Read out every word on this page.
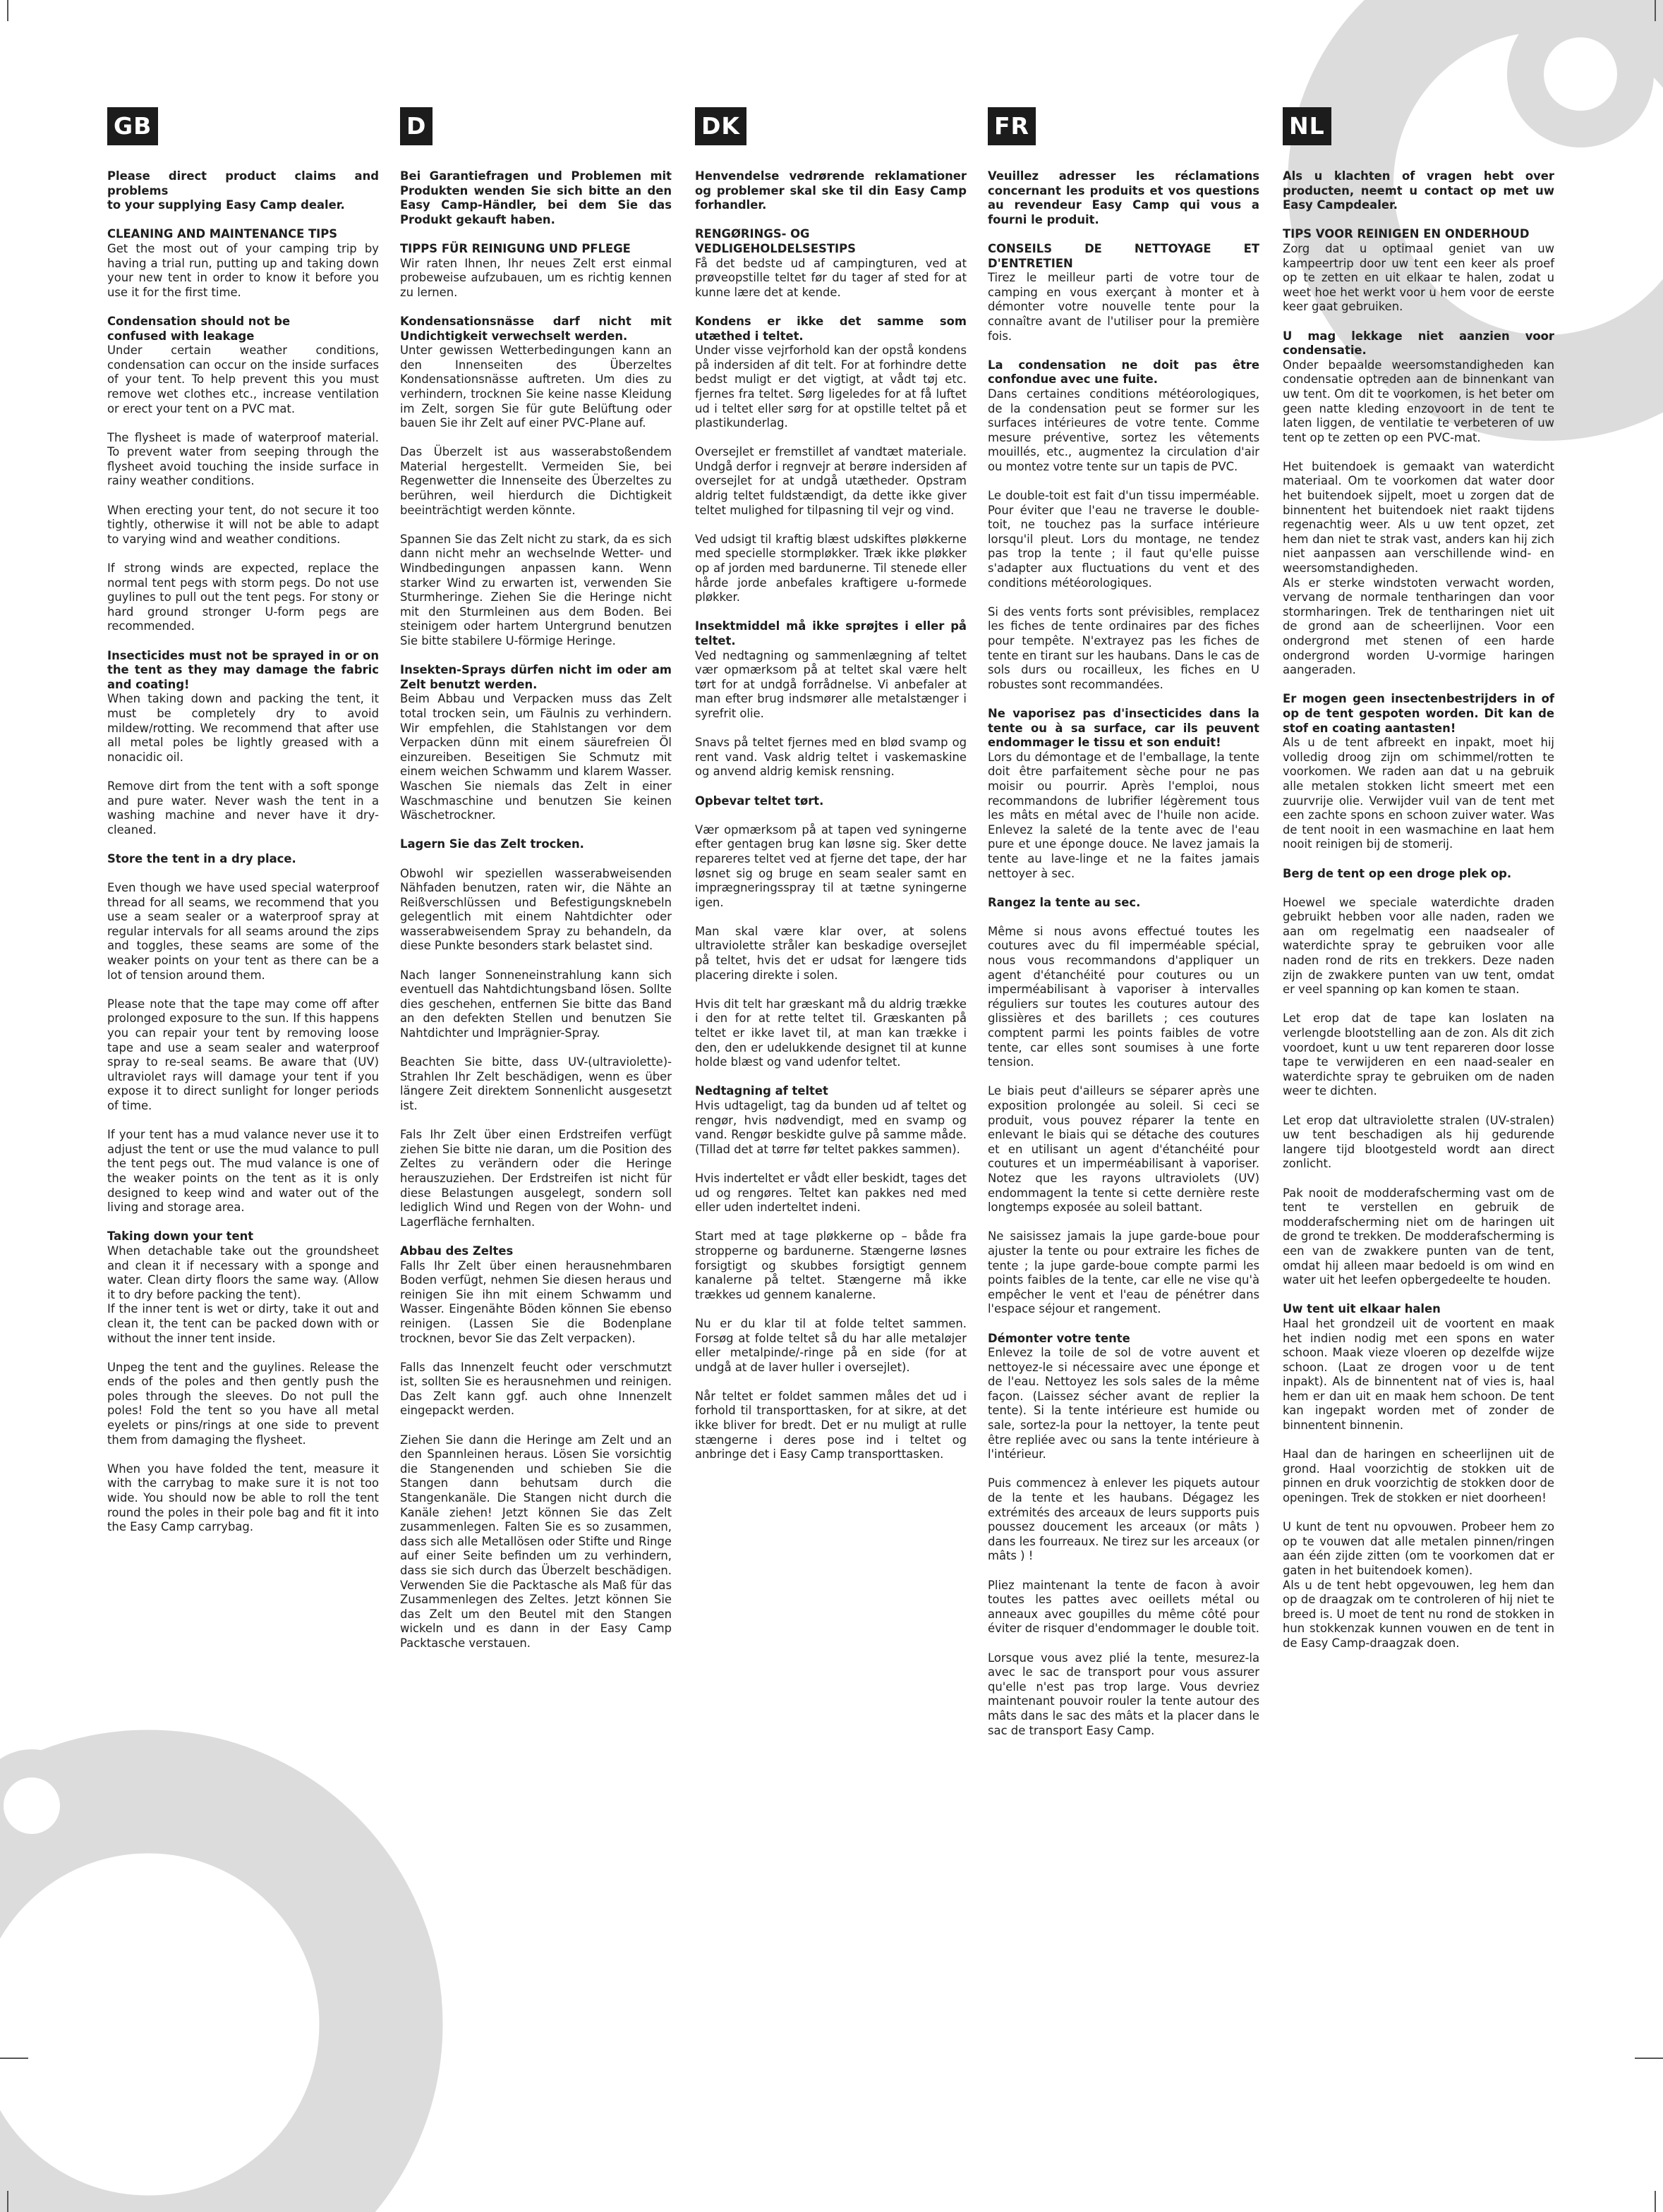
GB

Please direct product claims and problems
to your supplying Easy Camp dealer.

CLEANING AND MAINTENANCE TIPS

Get the most out of your camping trip by having a trial run, putting up and taking down your new tent in order to know it before you use it for the first time.

Condensation should not be
confused with leakage

Under certain weather conditions, condensation can occur on the inside surfaces of your tent. To help prevent this you must remove wet clothes etc., increase ventilation or erect your tent on a PVC mat.

The flysheet is made of waterproof material. To prevent water from seeping through the flysheet avoid touching the inside surface in rainy weather conditions.

When erecting your tent, do not secure it too tightly, otherwise it will not be able to adapt to varying wind and weather conditions.

If strong winds are expected, replace the normal tent pegs with storm pegs. Do not use guylines to pull out the tent pegs. For stony or hard ground stronger U-form pegs are recommended.

Insecticides must not be sprayed in or on the tent as they may damage the fabric and coating!

When taking down and packing the tent, it must be completely dry to avoid mildew/rotting. We recommend that after use all metal poles be lightly greased with a nonacidic oil.

Remove dirt from the tent with a soft sponge and pure water. Never wash the tent in a washing machine and never have it dry-cleaned.

Store the tent in a dry place.

Even though we have used special waterproof thread for all seams, we recommend that you use a seam sealer or a waterproof spray at regular intervals for all seams around the zips and toggles, these seams are some of the weaker points on your tent as there can be a lot of tension around them.

Please note that the tape may come off after prolonged exposure to the sun. If this happens you can repair your tent by removing loose tape and use a seam sealer and waterproof spray to re-seal seams. Be aware that (UV) ultraviolet rays will damage your tent if you expose it to direct sunlight for longer periods of time.

If your tent has a mud valance never use it to adjust the tent or use the mud valance to pull the tent pegs out. The mud valance is one of the weaker points on the tent as it is only designed to keep wind and water out of the living and storage area.

Taking down your tent

When detachable take out the groundsheet and clean it if necessary with a sponge and water. Clean dirty floors the same way. (Allow it to dry before packing the tent).
If the inner tent is wet or dirty, take it out and clean it, the tent can be packed down with or without the inner tent inside.

Unpeg the tent and the guylines. Release the ends of the poles and then gently push the poles through the sleeves. Do not pull the poles! Fold the tent so you have all metal eyelets or pins/rings at one side to prevent them from damaging the flysheet.

When you have folded the tent, measure it with the carrybag to make sure it is not too wide. You should now be able to roll the tent round the poles in their pole bag and fit it into the Easy Camp carrybag.

D

Bei Garantiefragen und Problemen mit Produkten wenden Sie sich bitte an den Easy Camp-Händler, bei dem Sie das Produkt gekauft haben.

TIPPS FÜR REINIGUNG UND PFLEGE

Wir raten Ihnen, Ihr neues Zelt erst einmal probeweise aufzubauen, um es richtig kennen zu lernen.

Kondensationsnässe darf nicht mit Undichtigkeit verwechselt werden.

Unter gewissen Wetterbedingungen kann an den Innenseiten des Überzeltes Kondensationsnässe auftreten. Um dies zu verhindern, trocknen Sie keine nasse Kleidung im Zelt, sorgen Sie für gute Belüftung oder bauen Sie ihr Zelt auf einer PVC-Plane auf.

Das Überzelt ist aus wasserabstoßendem Material hergestellt. Vermeiden Sie, bei Regenwetter die Innenseite des Überzeltes zu berühren, weil hierdurch die Dichtigkeit beeinträchtigt werden könnte.

Spannen Sie das Zelt nicht zu stark, da es sich dann nicht mehr an wechselnde Wetter- und Windbedingungen anpassen kann. Wenn starker Wind zu erwarten ist, verwenden Sie Sturmheringe. Ziehen Sie die Heringe nicht mit den Sturmleinen aus dem Boden. Bei steinigem oder hartem Untergrund benutzen Sie bitte stabilere U-förmige Heringe.

Insekten-Sprays dürfen nicht im oder am Zelt benutzt werden.

Beim Abbau und Verpacken muss das Zelt total trocken sein, um Fäulnis zu verhindern. Wir empfehlen, die Stahlstangen vor dem Verpacken dünn mit einem säurefreien Öl einzureiben. Beseitigen Sie Schmutz mit einem weichen Schwamm und klarem Wasser. Waschen Sie niemals das Zelt in einer Waschmaschine und benutzen Sie keinen Wäschetrockner.

Lagern Sie das Zelt trocken.

Obwohl wir speziellen wasserabweisenden Nähfaden benutzen, raten wir, die Nähte an Reißverschlüssen und Befestigungsknebeln gelegentlich mit einem Nahtdichter oder wasserabweisendem Spray zu behandeln, da diese Punkte besonders stark belastet sind.

Nach langer Sonneneinstrahlung kann sich eventuell das Nahtdichtungsband lösen. Sollte dies geschehen, entfernen Sie bitte das Band an den defekten Stellen und benutzen Sie Nahtdichter und Imprägnier-Spray.

Beachten Sie bitte, dass UV-(ultraviolette)-Strahlen Ihr Zelt beschädigen, wenn es über längere Zeit direktem Sonnenlicht ausgesetzt ist.

Fals Ihr Zelt über einen Erdstreifen verfügt ziehen Sie bitte nie daran, um die Position des Zeltes zu verändern oder die Heringe herauszuziehen. Der Erdstreifen ist nicht für diese Belastungen ausgelegt, sondern soll lediglich Wind und Regen von der Wohn- und Lagerfläche fernhalten.

Abbau des Zeltes

Falls Ihr Zelt über einen herausnehmbaren Boden verfügt, nehmen Sie diesen heraus und reinigen Sie ihn mit einem Schwamm und Wasser. Eingenähte Böden können Sie ebenso reinigen. (Lassen Sie die Bodenplane trocknen, bevor Sie das Zelt verpacken).

Falls das Innenzelt feucht oder verschmutzt ist, sollten Sie es herausnehmen und reinigen. Das Zelt kann ggf. auch ohne Innenzelt eingepackt werden.

Ziehen Sie dann die Heringe am Zelt und an den Spannleinen heraus. Lösen Sie vorsichtig die Stangenenden und schieben Sie die Stangen dann behutsam durch die Stangenkanäle. Die Stangen nicht durch die Kanäle ziehen! Jetzt können Sie das Zelt zusammenlegen. Falten Sie es so zusammen, dass sich alle Metallösen oder Stifte und Ringe auf einer Seite befinden um zu verhindern, dass sie sich durch das Überzelt beschädigen. Verwenden Sie die Packtasche als Maß für das Zusammenlegen des Zeltes. Jetzt können Sie das Zelt um den Beutel mit den Stangen wickeln und es dann in der Easy Camp Packtasche verstauen.

DK

Henvendelse vedrørende reklamationer og problemer skal ske til din Easy Camp forhandler.

RENGØRINGS- OG
VEDLIGEHOLDELSESTIPS

Få det bedste ud af campingturen, ved at prøveopstille teltet før du tager af sted for at kunne lære det at kende.

Kondens er ikke det samme som utæthed i teltet.

Under visse vejrforhold kan der opstå kondens på indersiden af dit telt. For at forhindre dette bedst muligt er det vigtigt, at vådt tøj etc. fjernes fra teltet. Sørg ligeledes for at få luftet ud i teltet eller sørg for at opstille teltet på et plastikunderlag.

Oversejlet er fremstillet af vandtæt materiale. Undgå derfor i regnvejr at berøre indersiden af oversejlet for at undgå utætheder. Opstram aldrig teltet fuldstændigt, da dette ikke giver teltet mulighed for tilpasning til vejr og vind.

Ved udsigt til kraftig blæst udskiftes pløkkerne med specielle stormpløkker. Træk ikke pløkker op af jorden med bardunerne. Til stenede eller hårde jorde anbefales kraftigere u-formede pløkker.

Insektmiddel må ikke sprøjtes i eller på teltet.

Ved nedtagning og sammenlægning af teltet vær opmærksom på at teltet skal være helt tørt for at undgå forrådnelse. Vi anbefaler at man efter brug indsmører alle metalstænger i syrefrit olie.

Snavs på teltet fjernes med en blød svamp og rent vand. Vask aldrig teltet i vaskemaskine og anvend aldrig kemisk rensning.

Opbevar teltet tørt.

Vær opmærksom på at tapen ved syningerne efter gentagen brug kan løsne sig. Sker dette repareres teltet ved at fjerne det tape, der har løsnet sig og bruge en seam sealer samt en imprægneringsspray til at tætne syningerne igen.

Man skal være klar over, at solens ultraviolette stråler kan beskadige oversejlet på teltet, hvis det er udsat for længere tids placering direkte i solen.

Hvis dit telt har græskant må du aldrig trække i den for at rette teltet til. Græskanten på teltet er ikke lavet til, at man kan trække i den, den er udelukkende designet til at kunne holde blæst og vand udenfor teltet.

Nedtagning af teltet

Hvis udtageligt, tag da bunden ud af teltet og rengør, hvis nødvendigt, med en svamp og vand. Rengør beskidte gulve på samme måde. (Tillad det at tørre før teltet pakkes sammen).

Hvis inderteltet er vådt eller beskidt, tages det ud og rengøres. Teltet kan pakkes ned med eller uden inderteltet indeni.

Start med at tage pløkkerne op – både fra stropperne og bardunerne. Stængerne løsnes forsigtigt og skubbes forsigtigt gennem kanalerne på teltet. Stængerne må ikke trækkes ud gennem kanalerne.

Nu er du klar til at folde teltet sammen. Forsøg at folde teltet så du har alle metaløjer eller metalpinde/-ringe på en side (for at undgå at de laver huller i oversejlet).

Når teltet er foldet sammen måles det ud i forhold til transporttasken, for at sikre, at det ikke bliver for bredt. Det er nu muligt at rulle stængerne i deres pose ind i teltet og anbringe det i Easy Camp transporttasken.

FR

Veuillez adresser les réclamations concernant les produits et vos questions au revendeur Easy Camp qui vous a fourni le produit.

CONSEILS DE NETTOYAGE ET D'ENTRETIEN

Tirez le meilleur parti de votre tour de camping en vous exerçant à monter et à démonter votre nouvelle tente pour la connaître avant de l'utiliser pour la première fois.

La condensation ne doit pas être confondue avec une fuite.

Dans certaines conditions météorologiques, de la condensation peut se former sur les surfaces intérieures de votre tente. Comme mesure préventive, sortez les vêtements mouillés, etc., augmentez la circulation d'air ou montez votre tente sur un tapis de PVC.

Le double-toit est fait d'un tissu imperméable. Pour éviter que l'eau ne traverse le double-toit, ne touchez pas la surface intérieure lorsqu'il pleut. Lors du montage, ne tendez pas trop la tente ; il faut qu'elle puisse s'adapter aux fluctuations du vent et des conditions météorologiques.

Si des vents forts sont prévisibles, remplacez les fiches de tente ordinaires par des fiches pour tempête. N'extrayez pas les fiches de tente en tirant sur les haubans. Dans le cas de sols durs ou rocailleux, les fiches en U robustes sont recommandées.

Ne vaporisez pas d'insecticides dans la tente ou à sa surface, car ils peuvent endommager le tissu et son enduit!

Lors du démontage et de l'emballage, la tente doit être parfaitement sèche pour ne pas moisir ou pourrir. Après l'emploi, nous recommandons de lubrifier légèrement tous les mâts en métal avec de l'huile non acide. Enlevez la saleté de la tente avec de l'eau pure et une éponge douce. Ne lavez jamais la tente au lave-linge et ne la faites jamais nettoyer à sec.

Rangez la tente au sec.

Même si nous avons effectué toutes les coutures avec du fil imperméable spécial, nous vous recommandons d'appliquer un agent d'étanchéité pour coutures ou un imperméabilisant à vaporiser à intervalles réguliers sur toutes les coutures autour des glissières et des barillets ; ces coutures comptent parmi les points faibles de votre tente, car elles sont soumises à une forte tension.

Le biais peut d'ailleurs se séparer après une exposition prolongée au soleil. Si ceci se produit, vous pouvez réparer la tente en enlevant le biais qui se détache des coutures et en utilisant un agent d'étanchéité pour coutures et un imperméabilisant à vaporiser. Notez que les rayons ultraviolets (UV) endommagent la tente si cette dernière reste longtemps exposée au soleil battant.

Ne saisissez jamais la jupe garde-boue pour ajuster la tente ou pour extraire les fiches de tente ; la jupe garde-boue compte parmi les points faibles de la tente, car elle ne vise qu'à empêcher le vent et l'eau de pénétrer dans l'espace séjour et rangement.

Démonter votre tente

Enlevez la toile de sol de votre auvent et nettoyez-le si nécessaire avec une éponge et de l'eau. Nettoyez les sols sales de la même façon. (Laissez sécher avant de replier la tente). Si la tente intérieure est humide ou sale, sortez-la pour la nettoyer, la tente peut être repliée avec ou sans la tente intérieure à l'intérieur.

Puis commencez à enlever les piquets autour de la tente et les haubans. Dégagez les extrémités des arceaux de leurs supports puis poussez doucement les arceaux (or mâts ) dans les fourreaux. Ne tirez sur les arceaux (or mâts ) !

Pliez maintenant la tente de facon à avoir toutes les pattes avec oeillets métal ou anneaux avec goupilles du même côté pour éviter de risquer d'endommager le double toit.

Lorsque vous avez plié la tente, mesurez-la avec le sac de transport pour vous assurer qu'elle n'est pas trop large. Vous devriez maintenant pouvoir rouler la tente autour des mâts dans le sac des mâts et la placer dans le sac de transport Easy Camp.

NL

Als u klachten of vragen hebt over producten, neemt u contact op met uw Easy Campdealer.

TIPS VOOR REINIGEN EN ONDERHOUD

Zorg dat u optimaal geniet van uw kampeertrip door uw tent een keer als proef op te zetten en uit elkaar te halen, zodat u weet hoe het werkt voor u hem voor de eerste keer gaat gebruiken.

U mag lekkage niet aanzien voor condensatie.

Onder bepaalde weersomstandigheden kan condensatie optreden aan de binnenkant van uw tent. Om dit te voorkomen, is het beter om geen natte kleding enzovoort in de tent te laten liggen, de ventilatie te verbeteren of uw tent op te zetten op een PVC-mat.

Het buitendoek is gemaakt van waterdicht materiaal. Om te voorkomen dat water door het buitendoek sijpelt, moet u zorgen dat de binnentent het buitendoek niet raakt tijdens regenachtig weer. Als u uw tent opzet, zet hem dan niet te strak vast, anders kan hij zich niet aanpassen aan verschillende wind- en weersomstandigheden.
Als er sterke windstoten verwacht worden, vervang de normale tentharingen dan voor stormharingen. Trek de tentharingen niet uit de grond aan de scheerlijnen. Voor een ondergrond met stenen of een harde ondergrond worden U-vormige haringen aangeraden.

Er mogen geen insectenbestrijders in of op de tent gespoten worden. Dit kan de stof en coating aantasten!

Als u de tent afbreekt en inpakt, moet hij volledig droog zijn om schimmel/rotten te voorkomen. We raden aan dat u na gebruik alle metalen stokken licht smeert met een zuurvrije olie. Verwijder vuil van de tent met een zachte spons en schoon zuiver water. Was de tent nooit in een wasmachine en laat hem nooit reinigen bij de stomerij.

Berg de tent op een droge plek op.

Hoewel we speciale waterdichte draden gebruikt hebben voor alle naden, raden we aan om regelmatig een naadsealer of waterdichte spray te gebruiken voor alle naden rond de rits en trekkers. Deze naden zijn de zwakkere punten van uw tent, omdat er veel spanning op kan komen te staan.

Let erop dat de tape kan loslaten na verlengde blootstelling aan de zon. Als dit zich voordoet, kunt u uw tent repareren door losse tape te verwijderen en een naad-sealer en waterdichte spray te gebruiken om de naden weer te dichten.

Let erop dat ultraviolette stralen (UV-stralen) uw tent beschadigen als hij gedurende langere tijd blootgesteld wordt aan direct zonlicht.

Pak nooit de modderafscherming vast om de tent te verstellen en gebruik de modderafscherming niet om de haringen uit de grond te trekken. De modderafscherming is een van de zwakkere punten van de tent, omdat hij alleen maar bedoeld is om wind en water uit het leefen opbergedeelte te houden.

Uw tent uit elkaar halen

Haal het grondzeil uit de voortent en maak het indien nodig met een spons en water schoon. Maak vieze vloeren op dezelfde wijze schoon. (Laat ze drogen voor u de tent inpakt). Als de binnentent nat of vies is, haal hem er dan uit en maak hem schoon. De tent kan ingepakt worden met of zonder de binnentent binnenin.

Haal dan de haringen en scheerlijnen uit de grond. Haal voorzichtig de stokken uit de pinnen en druk voorzichtig de stokken door de openingen. Trek de stokken er niet doorheen!

U kunt de tent nu opvouwen. Probeer hem zo op te vouwen dat alle metalen pinnen/ringen aan één zijde zitten (om te voorkomen dat er gaten in het buitendoek komen).
Als u de tent hebt opgevouwen, leg hem dan op de draagzak om te controleren of hij niet te breed is. U moet de tent nu rond de stokken in hun stokkenzak kunnen vouwen en de tent in de Easy Camp-draagzak doen.
